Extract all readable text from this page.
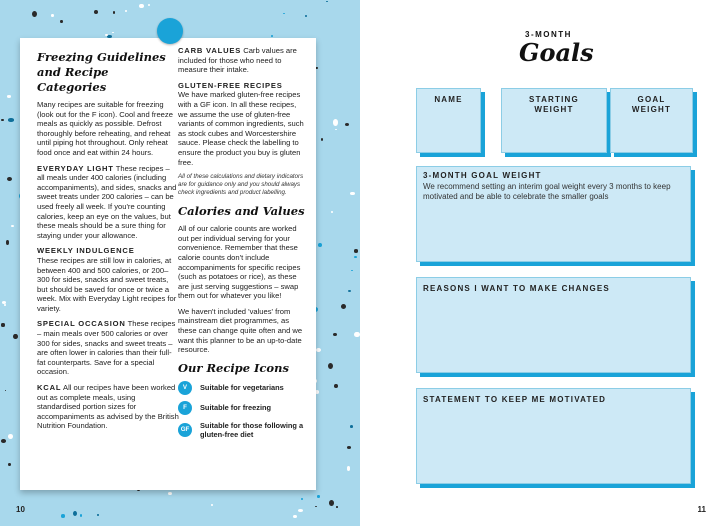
Freezing Guidelines and Recipe Categories
Many recipes are suitable for freezing (look out for the F icon). Cool and freeze meals as quickly as possible. Defrost thoroughly before reheating, and reheat until piping hot throughout. Only reheat food once and eat within 24 hours.
EVERYDAY LIGHT These recipes – all meals under 400 calories (including accompaniments), and sides, snacks and sweet treats under 200 calories – can be used freely all week. If you're counting calories, keep an eye on the values, but these meals should be a sure thing for staying under your allowance.
WEEKLY INDULGENCE
These recipes are still low in calories, at between 400 and 500 calories, or 200–300 for sides, snacks and sweet treats, but should be saved for once or twice a week. Mix with Everyday Light recipes for variety.
SPECIAL OCCASION These recipes – main meals over 500 calories or over 300 for sides, snacks and sweet treats – are often lower in calories than their full-fat counterparts. Save for a special occasion.
KCAL All our recipes have been worked out as complete meals, using standardised portion sizes for accompaniments as advised by the British Nutrition Foundation.
CARB VALUES Carb values are included for those who need to measure their intake.
GLUTEN-FREE RECIPES
We have marked gluten-free recipes with a GF icon. In all these recipes, we assume the use of gluten-free variants of common ingredients, such as stock cubes and Worcestershire sauce. Please check the labelling to ensure the product you buy is gluten free.
All of these calculations and dietary indicators are for guidance only and you should always check ingredients and product labelling.
Calories and Values
All of our calorie counts are worked out per individual serving for your convenience. Remember that these calorie counts don't include accompaniments for specific recipes (such as potatoes or rice), as these are just serving suggestions – swap them out for whatever you like!
We haven't included 'values' from mainstream diet programmes, as these can change quite often and we want this planner to be an up-to-date resource.
Our Recipe Icons
V	Suitable for vegetarians
F	Suitable for freezing
GF	Suitable for those following a gluten-free diet
10
3-MONTH
Goals
NAME	STARTING WEIGHT
GOAL WEIGHT
3-MONTH GOAL WEIGHT
We recommend setting an interim goal weight every 3 months to keep motivated and be able to celebrate the smaller goals
REASONS I WANT TO MAKE CHANGES
STATEMENT TO KEEP ME MOTIVATED
11
